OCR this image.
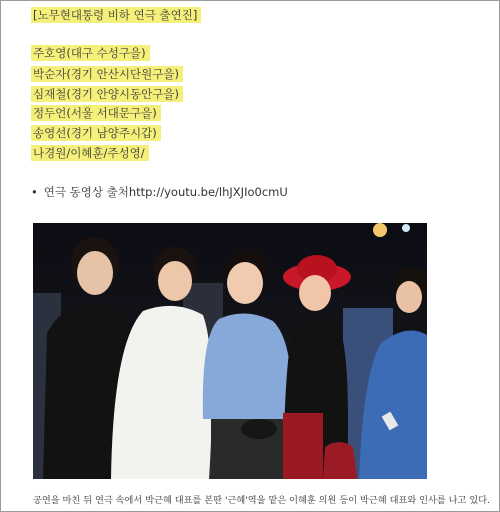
[노무현대통령 비하 연극 출연진]
주호영(대구 수성구을)
박순자(경기 안산시단원구을)
심재철(경기 안양시동안구을)
정두언(서울 서대문구을)
송영선(경기 남양주시갑)
나경원/이혜훈/주성영/
• 연극 동영상 출처http://youtu.be/lhJXJIo0cmU
공연을 마친 뒤 연극 속에서 박근혜 대표를 본딴 '근혜'역을 맡은 이혜훈 의원 등이 박근혜 대표와 인사를 나고 있다.
